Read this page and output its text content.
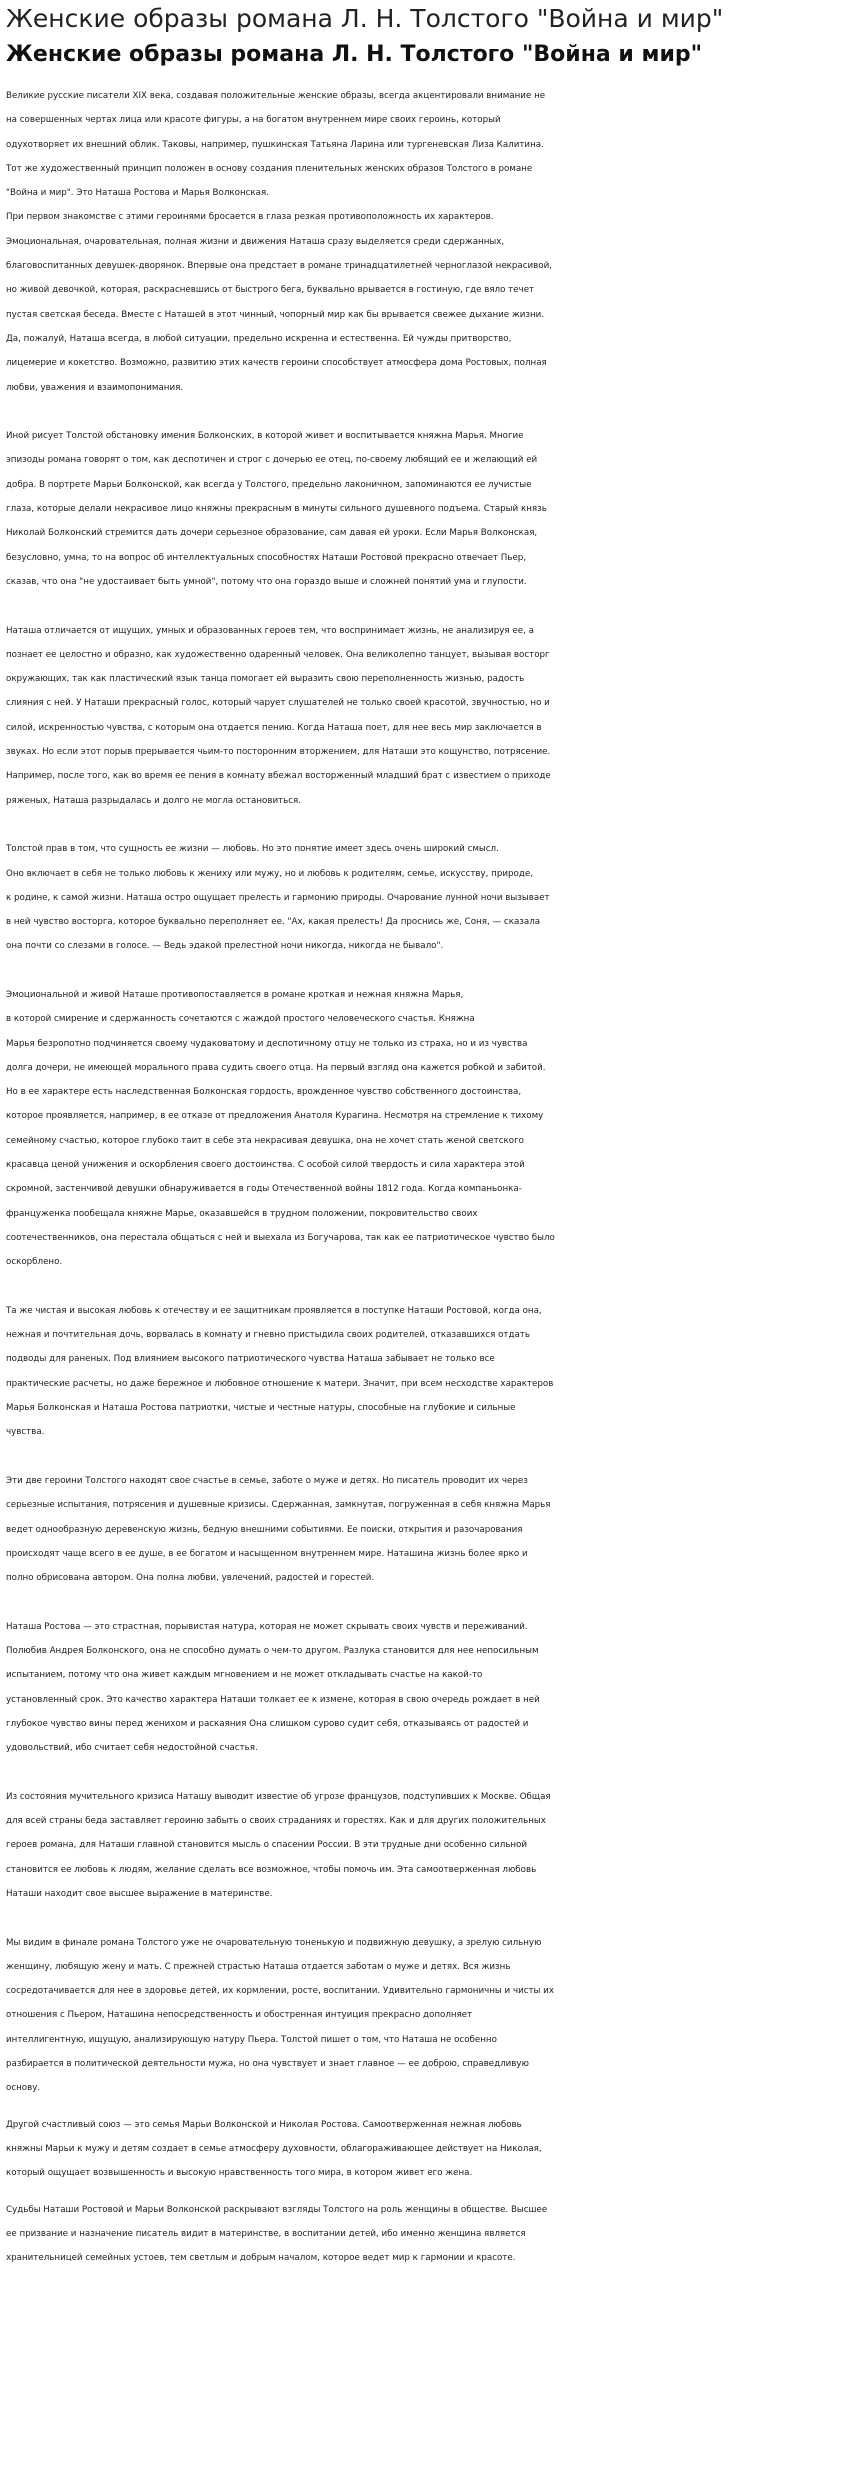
Женские образы романа Л. Н. Толстого "Война и мир"
Женские образы романа Л. Н. Толстого "Война и мир"
Великие русские писатели XIX века, создавая положительные женские образы, всегда акцентировали внимание не
на совершенных чертах лица или красоте фигуры, а на богатом внутреннем мире своих героинь, который
одухотворяет их внешний облик. Таковы, например, пушкинская Татьяна Ларина или тургеневская Лиза Калитина.
Тот же художественный принцип положен в основу создания пленительных женских образов Толстого в романе
"Война и мир". Это Наташа Ростова и Марья Волконская.
При первом знакомстве с этими героинями бросается в глаза резкая противоположность их характеров.
Эмоциональная, очаровательная, полная жизни и движения Наташа сразу выделяется среди сдержанных,
благовоспитанных девушек-дворянок. Впервые она предстает в романе тринадцатилетней черноглазой некрасивой,
но живой девочкой, которая, раскрасневшись от быстрого бега, буквально врывается в гостиную, где вяло течет
пустая светская беседа. Вместе с Наташей в этот чинный, чопорный мир как бы врывается свежее дыхание жизни.
Да, пожалуй, Наташа всегда, в любой ситуации, предельно искренна и естественна. Ей чужды притворство,
лицемерие и кокетство. Возможно, развитию этих качеств героини способствует атмосфера дома Ростовых, полная
любви, уважения и взаимопонимания.
Иной рисует Толстой обстановку имения Болконских, в которой живет и воспитывается княжна Марья. Многие
эпизоды романа говорят о том, как деспотичен и строг с дочерью ее отец, по-своему любящий ее и желающий ей
добра. В портрете Марьи Болконской, как всегда у Толстого, предельно лаконичном, запоминаются ее лучистые
глаза, которые делали некрасивое лицо княжны прекрасным в минуты сильного душевного подъема. Старый князь
Николай Болконский стремится дать дочери серьезное образование, сам давая ей уроки. Если Марья Волконская,
безусловно, умна, то на вопрос об интеллектуальных способностях Наташи Ростовой прекрасно отвечает Пьер,
сказав, что она "не удостаивает быть умной", потому что она гораздо выше и сложней понятий ума и глупости.
Наташа отличается от ищущих, умных и образованных героев тем, что воспринимает жизнь, не анализируя ее, а
познает ее целостно и образно, как художественно одаренный человек. Она великолепно танцует, вызывая восторг
окружающих, так как пластический язык танца помогает ей выразить свою переполненность жизнью, радость
слияния с ней. У Наташи прекрасный голос, который чарует слушателей не только своей красотой, звучностью, но и
силой, искренностью чувства, с которым она отдается пению. Когда Наташа поет, для нее весь мир заключается в
звуках. Но если этот порыв прерывается чьим-то посторонним вторжением, для Наташи это кощунство, потрясение.
Например, после того, как во время ее пения в комнату вбежал восторженный младший брат с известием о приходе
ряженых, Наташа разрыдалась и долго не могла остановиться.
Толстой прав в том, что сущность ее жизни — любовь. Но это понятие имеет здесь очень широкий смысл.
Оно включает в себя не только любовь к жениху или мужу, но и любовь к родителям, семье, искусству, природе,
к родине, к самой жизни. Наташа остро ощущает прелесть и гармонию природы. Очарование лунной ночи вызывает
в ней чувство восторга, которое буквально переполняет ее. "Ах, какая прелесть! Да проснись же, Соня, — сказала
она почти со слезами в голосе. — Ведь эдакой прелестной ночи никогда, никогда не бывало".
Эмоциональной и живой Наташе противопоставляется в романе кроткая и нежная княжна Марья,
в которой смирение и сдержанность сочетаются с жаждой простого человеческого счастья. Княжна
Марья безропотно подчиняется своему чудаковатому и деспотичному отцу не только из страха, но и из чувства
долга дочери, не имеющей морального права судить своего отца. На первый взгляд она кажется робкой и забитой.
Но в ее характере есть наследственная Болконская гордость, врожденное чувство собственного достоинства,
которое проявляется, например, в ее отказе от предложения Анатоля Курагина. Несмотря на стремление к тихому
семейному счастью, которое глубоко таит в себе эта некрасивая девушка, она не хочет стать женой светского
красавца ценой унижения и оскорбления своего достоинства. С особой силой твердость и сила характера этой
скромной, застенчивой девушки обнаруживается в годы Отечественной войны 1812 года. Когда компаньонка-
француженка пообещала княжне Марье, оказавшейся в трудном положении, покровительство своих
соотечественников, она перестала общаться с ней и выехала из Богучарова, так как ее патриотическое чувство было
оскорблено.
Та же чистая и высокая любовь к отечеству и ее защитникам проявляется в поступке Наташи Ростовой, когда она,
нежная и почтительная дочь, ворвалась в комнату и гневно пристыдила своих родителей, отказавшихся отдать
подводы для раненых. Под влиянием высокого патриотического чувства Наташа забывает не только все
практические расчеты, но даже бережное и любовное отношение к матери. Значит, при всем несходстве характеров
Марья Болконская и Наташа Ростова патриотки, чистые и честные натуры, способные на глубокие и сильные
чувства.
Эти две героини Толстого находят свое счастье в семье, заботе о муже и детях. Но писатель проводит их через
серьезные испытания, потрясения и душевные кризисы. Сдержанная, замкнутая, погруженная в себя княжна Марья
ведет однообразную деревенскую жизнь, бедную внешними событиями. Ее поиски, открытия и разочарования
происходят чаще всего в ее душе, в ее богатом и насыщенном внутреннем мире. Наташина жизнь более ярко и
полно обрисована автором. Она полна любви, увлечений, радостей и горестей.
Наташа Ростова — это страстная, порывистая натура, которая не может скрывать своих чувств и переживаний.
Полюбив Андрея Болконского, она не способно думать о чем-то другом. Разлука становится для нее непосильным
испытанием, потому что она живет каждым мгновением и не может откладывать счастье на какой-то
установленный срок. Это качество характера Наташи толкает ее к измене, которая в свою очередь рождает в ней
глубокое чувство вины перед женихом и раскаяния Она слишком сурово судит себя, отказываясь от радостей и
удовольствий, ибо считает себя недостойной счастья.
Из состояния мучительного кризиса Наташу выводит известие об угрозе французов, подступивших к Москве. Общая
для всей страны беда заставляет героиню забыть о своих страданиях и горестях. Как и для других положительных
героев романа, для Наташи главной становится мысль о спасении России. В эти трудные дни особенно сильной
становится ее любовь к людям, желание сделать все возможное, чтобы помочь им. Эта самоотверженная любовь
Наташи находит свое высшее выражение в материнстве.
Мы видим в финале романа Толстого уже не очаровательную тоненькую и подвижную девушку, а зрелую сильную
женщину, любящую жену и мать. С прежней страстью Наташа отдается заботам о муже и детях. Вся жизнь
сосредотачивается для нее в здоровье детей, их кормлении, росте, воспитании. Удивительно гармоничны и чисты их
отношения с Пьером, Наташина непосредственность и обостренная интуиция прекрасно дополняет
интеллигентную, ищущую, анализирующую натуру Пьера. Толстой пишет о том, что Наташа не особенно
разбирается в политической деятельности мужа, но она чувствует и знает главное — ее доброю, справедливую
основу.
Другой счастливый союз — это семья Марьи Волконской и Николая Ростова. Самоотверженная нежная любовь
княжны Марьи к мужу и детям создает в семье атмосферу духовности, облагораживающее действует на Николая,
который ощущает возвышенность и высокую нравственность того мира, в котором живет его жена.
Судьбы Наташи Ростовой и Марьи Волконской раскрывают взгляды Толстого на роль женщины в обществе. Высшее
ее призвание и назначение писатель видит в материнстве, в воспитании детей, ибо именно женщина является
хранительницей семейных устоев, тем светлым и добрым началом, которое ведет мир к гармонии и красоте.
